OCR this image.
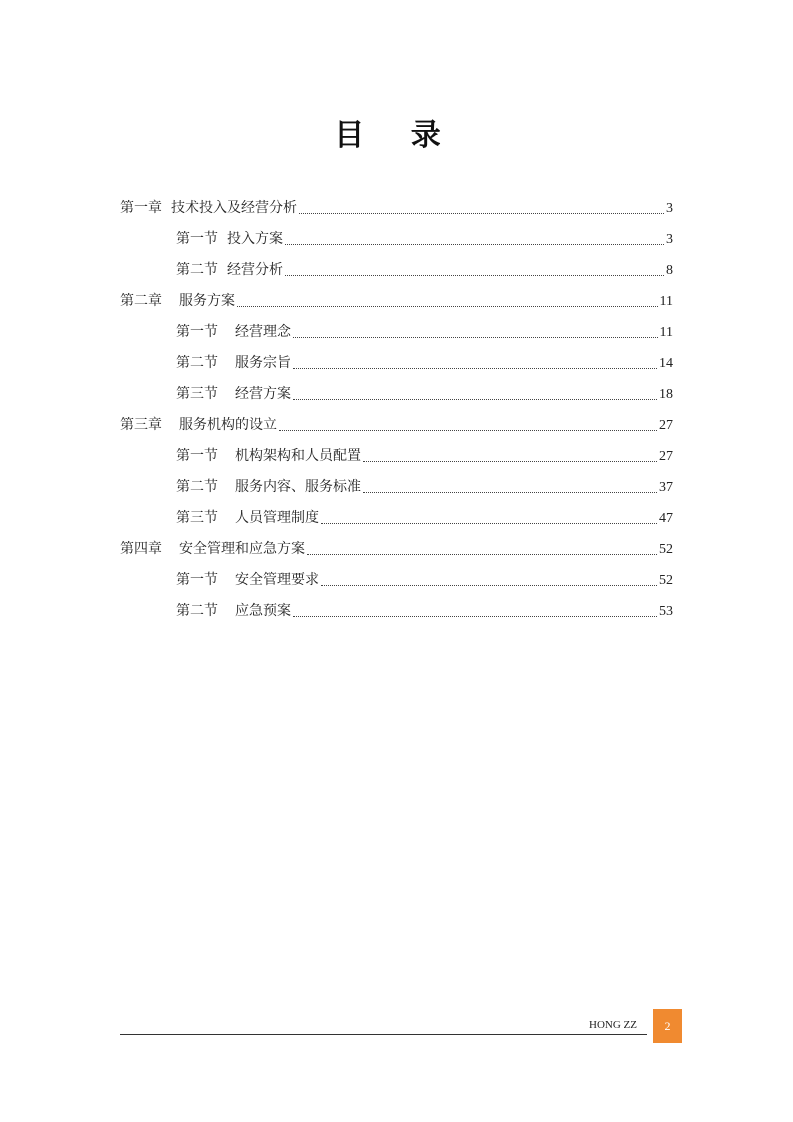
目 录
第一章 技术投入及经营分析	3
第一节 投入方案	3
第二节 经营分析	8
第二章 服务方案	11
第一节 经营理念	11
第二节 服务宗旨	14
第三节 经营方案	18
第三章 服务机构的设立	27
第一节 机构架构和人员配置	27
第二节 服务内容、服务标准	37
第三节 人员管理制度	47
第四章 安全管理和应急方案	52
第一节 安全管理要求	52
第二节 应急预案	53
HONG ZZ	2
